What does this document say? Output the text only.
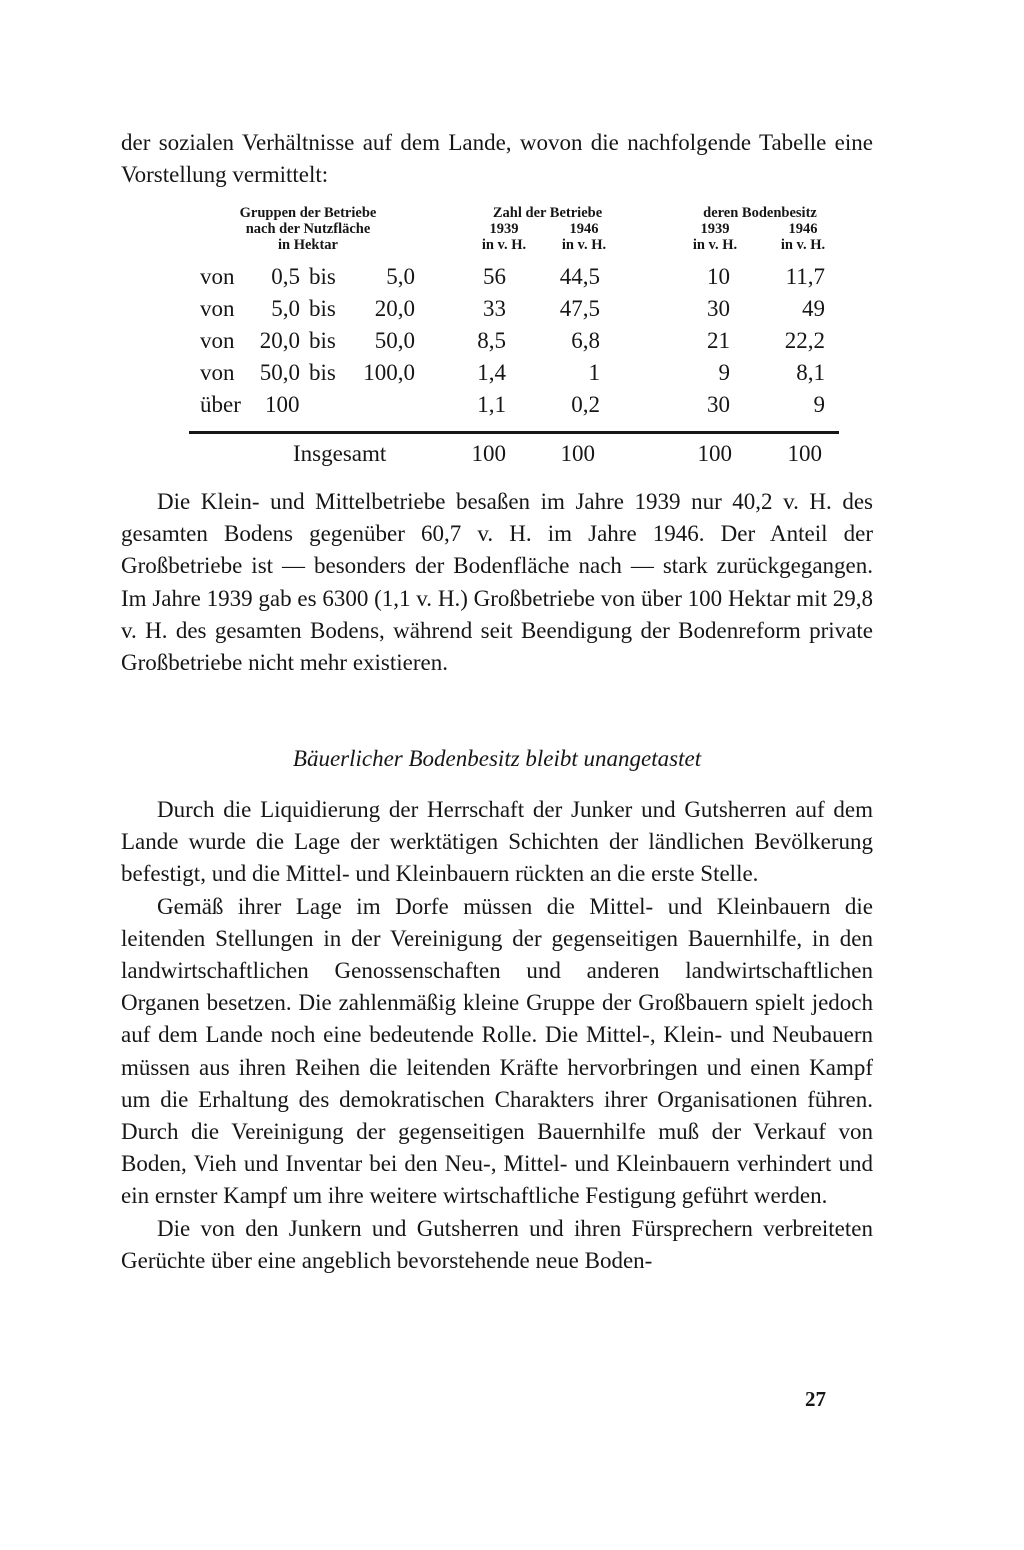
der sozialen Verhältnisse auf dem Lande, wovon die nachfolgende Tabelle eine Vorstellung vermittelt:

Gruppen der Betriebe
nach der Nutzfläche
in Hektar
Zahl der Betriebe	deren Bodenbesitz
1939	1946	1939	1946
in v. H.	in v. H.	in v. H.	in v. H.
von	0,5 bis	5,0	56	44,5	10	11,7
von	5,0 bis	20,0	33	47,5	30	49
von	20,0 bis	50,0	8,5	6,8	21	22,2
von	50,0 bis	100,0	1,4	1	9	8,1
über 100	1,1	0,2	30	9
Insgesamt	100	100	100	100

Die Klein- und Mittelbetriebe besaßen im Jahre 1939 nur 40,2 v. H. des gesamten Bodens gegenüber 60,7 v. H. im Jahre 1946. Der Anteil der Großbetriebe ist — besonders der Bodenfläche nach — stark zurückgegangen. Im Jahre 1939 gab es 6300 (1,1 v. H.) Großbetriebe von über 100 Hektar mit 29,8 v. H. des gesamten Bodens, während seit Beendigung der Bodenreform private Großbetriebe nicht mehr existieren.

Bäuerlicher Bodenbesitz bleibt unangetastet

Durch die Liquidierung der Herrschaft der Junker und Gutsherren auf dem Lande wurde die Lage der werktätigen Schichten der ländlichen Bevölkerung befestigt, und die Mittel- und Kleinbauern rückten an die erste Stelle.

Gemäß ihrer Lage im Dorfe müssen die Mittel- und Kleinbauern die leitenden Stellungen in der Vereinigung der gegenseitigen Bauernhilfe, in den landwirtschaftlichen Genossenschaften und anderen landwirtschaftlichen Organen besetzen. Die zahlenmäßig kleine Gruppe der Großbauern spielt jedoch auf dem Lande noch eine bedeutende Rolle. Die Mittel-, Klein- und Neubauern müssen aus ihren Reihen die leitenden Kräfte hervorbringen und einen Kampf um die Erhaltung des demokratischen Charakters ihrer Organisationen führen. Durch die Vereinigung der gegenseitigen Bauernhilfe muß der Verkauf von Boden, Vieh und Inventar bei den Neu-, Mittel- und Kleinbauern verhindert und ein ernster Kampf um ihre weitere wirtschaftliche Festigung geführt werden.

Die von den Junkern und Gutsherren und ihren Fürsprechern verbreiteten Gerüchte über eine angeblich bevorstehende neue Boden-

27
